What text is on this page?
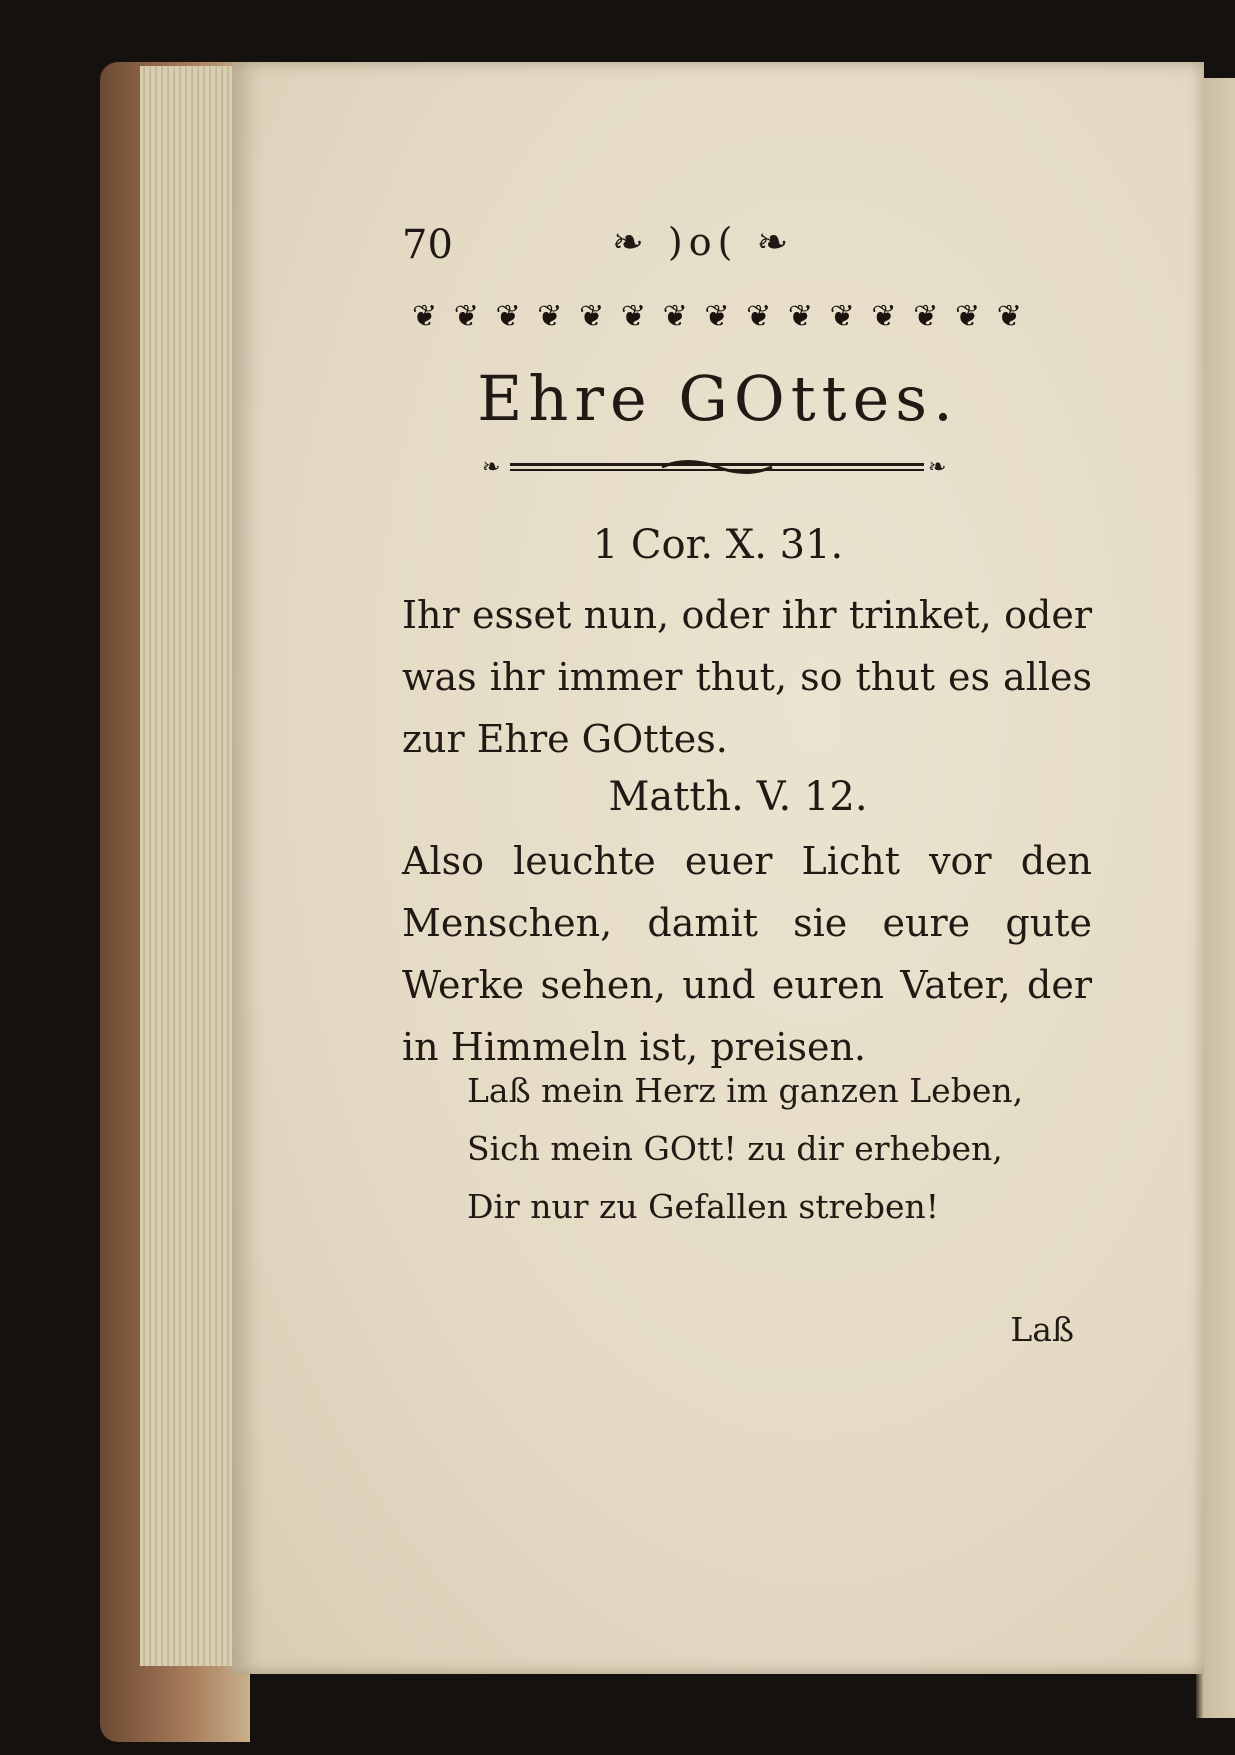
70	❧ )o( ❧
❦ ❦ ❦ ❦ ❦ ❦ ❦ ❦ ❦ ❦ ❦ ❦ ❦ ❦ ❦
Ehre GOttes.
❧	❧
1 Cor. X. 31.
Ihr esset nun, oder ihr trinket, oder was ihr immer thut, so thut es alles zur Ehre GOttes.
Matth. V. 12.
Also leuchte euer Licht vor den Menschen, damit sie eure gute Werke sehen, und euren Vater, der in Himmeln ist, preisen.
Laß mein Herz im ganzen Leben,
Sich mein GOtt! zu dir erheben,
Dir nur zu Gefallen streben!
Laß
